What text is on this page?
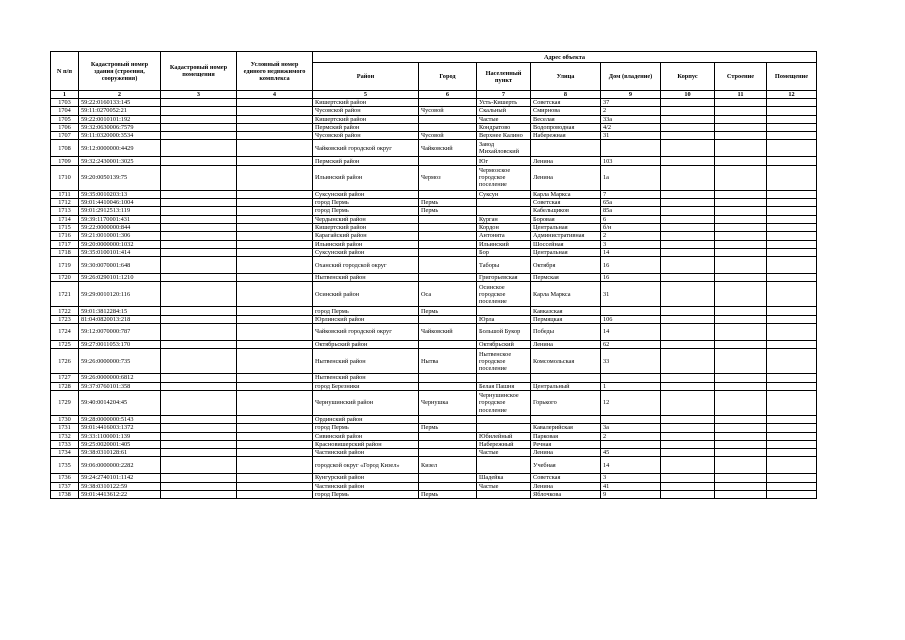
N п/п	Кадастровый номер здания (строения, сооружения)	Кадастровый номер помещения	Условный номер единого недвижимого комплекса	Адрес объекта							
				Район	Город	Населенный пункт	Улица	Дом (владение)	Корпус	Строение	Помещение
1	2	3	4	5	6	7	8	9	10	11	12
1703	59:22:0160133:145			Кишертский район		Усть-Кишерть	Советская	37			
1704	59:11:0270052:21			Чусовской район	Чусовой	Скальный	Смирнова	2			
1705	59:22:0010101:192			Кишертский район		Частые	Веселая	33а			
1706	59:32:0630006:7579			Пермский район		Кондратово	Водопроводная	4/2			
1707	59:11:0320000:3534			Чусовской район	Чусовой	Верхнее Калино	Набережная	31			
1708	59:12:0000000:4429			Чайковский городской округ	Чайковский	Завод Михайловский					
1709	59:32:2430001:3025			Пермский район		Юг	Ленина	103			
1710	59:20:0050139:75			Ильинский район	Чермоз	Чермозское городское поселение	Ленина	1а			
1711	59:35:0010203:13			Суксунский район		Суксун	Карла Маркса	7			
1712	59:01:4410046:1004			город Пермь	Пермь		Советская	65а			
1713	59:01:2912513:119			город Пермь	Пермь		Кабельщиков	85а			
1714	59:39:1170001:431			Чердынский район		Курган	Боровая	6			
1715	59:22:0000000:844			Кишертский район		Кордон	Центральная	б/н			
1716	59:21:0010001:306			Карагайский район		Антонята	Административная	2			
1717	59:20:0000000:1032			Ильинский район		Ильинский	Шоссейная	3			
1718	59:35:0100101:414			Суксунский район		Бор	Центральная	14			
1719	59:30:0070001:648			Оханский городской округ		Таборы	Октября	16			
1720	59:26:0290101:1210			Нытвенский район		Григорьевская	Пермская	16			
1721	59:29:0010120:116			Осинский район	Оса	Осинское городское поселение	Карла Маркса	31			
1722	59:01:3812284:15			город Пермь	Пермь		Кавказская				
1723	81:04:0820013:218			Юрлинский район		Юрла	Пермяцкая	106			
1724	59:12:0070000:787			Чайковский городской округ	Чайковский	Большой Букор	Победы	14			
1725	59:27:0011053:170			Октябрьский район		Октябрьский	Ленина	62			
1726	59:26:0000000:735			Нытвенский район	Нытва	Нытвенское городское поселение	Комсомольская	33			
1727	59:26:0000000:6812			Нытвенский район							
1728	59:37:0760101:358			город Березники		Белая Пашня	Центральный	1			
1729	59:40:0014204:45			Чернушинский район	Чернушка	Чернушинское городское поселение	Горького	12			
1730	59:28:0000000:5143			Ординский район							
1731	59:01:4416003:1372			город Пермь	Пермь		Кавалерийская	3а			
1732	59:33:1100001:139			Сивинский район		Юбилейный	Парковая	2			
1733	59:25:0020001:405			Красновишерский район		Набережный	Речная				
1734	59:38:0310128:61			Частинский район		Частые	Ленина	45			
1735	59:06:0000000:2282			городской округ «Город Кизел»	Кизел		Учебная	14			
1736	59:24:2740101:1142			Кунгурский район		Шадейка	Советская	3			
1737	59:38:0310122:59			Частинский район		Частые	Ленина	41			
1738	59:01:4413612:22			город Пермь	Пермь		Яблочкова	9			
